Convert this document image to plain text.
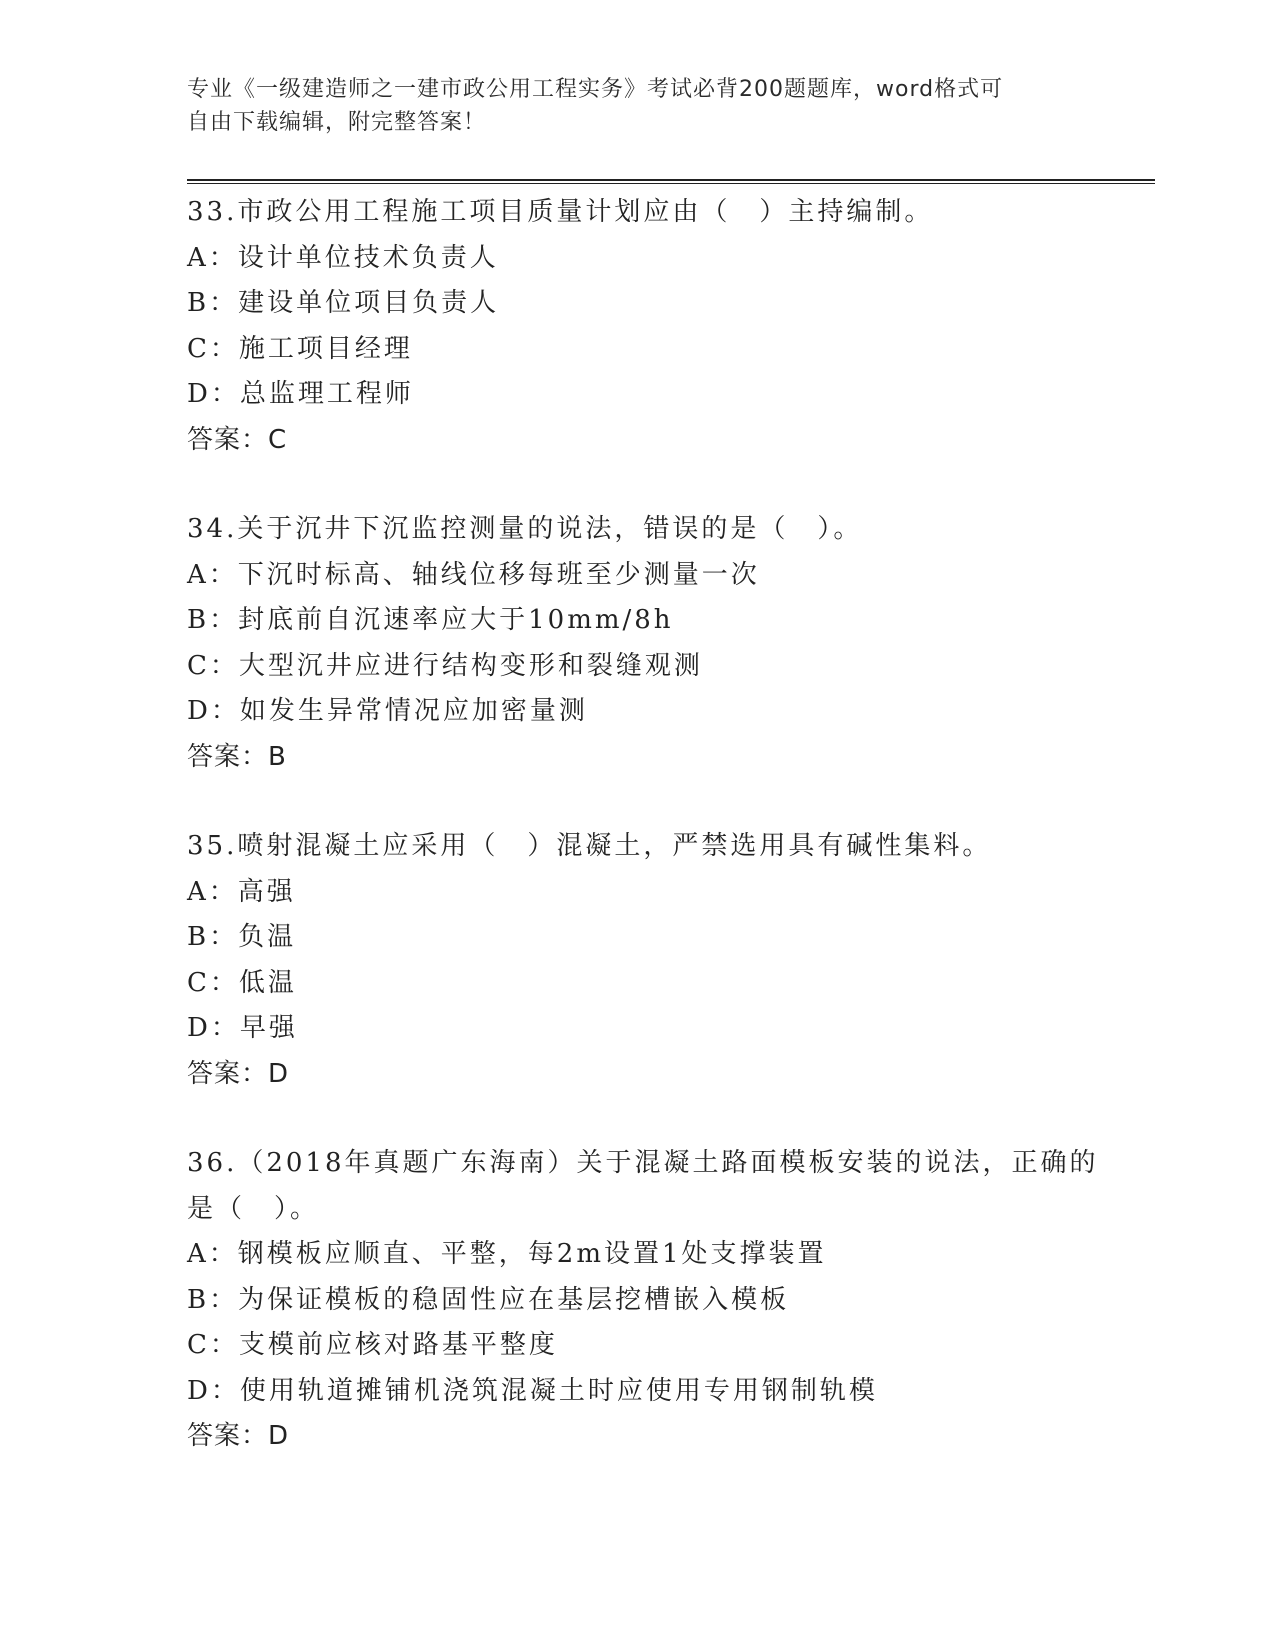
专业《一级建造师之一建市政公用工程实务》考试必背200题题库，word格式可
自由下载编辑，附完整答案！
33.市政公用工程施工项目质量计划应由（　）主持编制。
A：设计单位技术负责人
B：建设单位项目负责人
C：施工项目经理
D：总监理工程师
答案：C
34.关于沉井下沉监控测量的说法，错误的是（　）。
A：下沉时标高、轴线位移每班至少测量一次
B：封底前自沉速率应大于10mm/8h
C：大型沉井应进行结构变形和裂缝观测
D：如发生异常情况应加密量测
答案：B
35.喷射混凝土应采用（　）混凝土，严禁选用具有碱性集料。
A：高强
B：负温
C：低温
D：早强
答案：D
36.（2018年真题广东海南）关于混凝土路面模板安装的说法，正确的
是（　）。
A：钢模板应顺直、平整，每2m设置1处支撑装置
B：为保证模板的稳固性应在基层挖槽嵌入模板
C：支模前应核对路基平整度
D：使用轨道摊铺机浇筑混凝土时应使用专用钢制轨模
答案：D
